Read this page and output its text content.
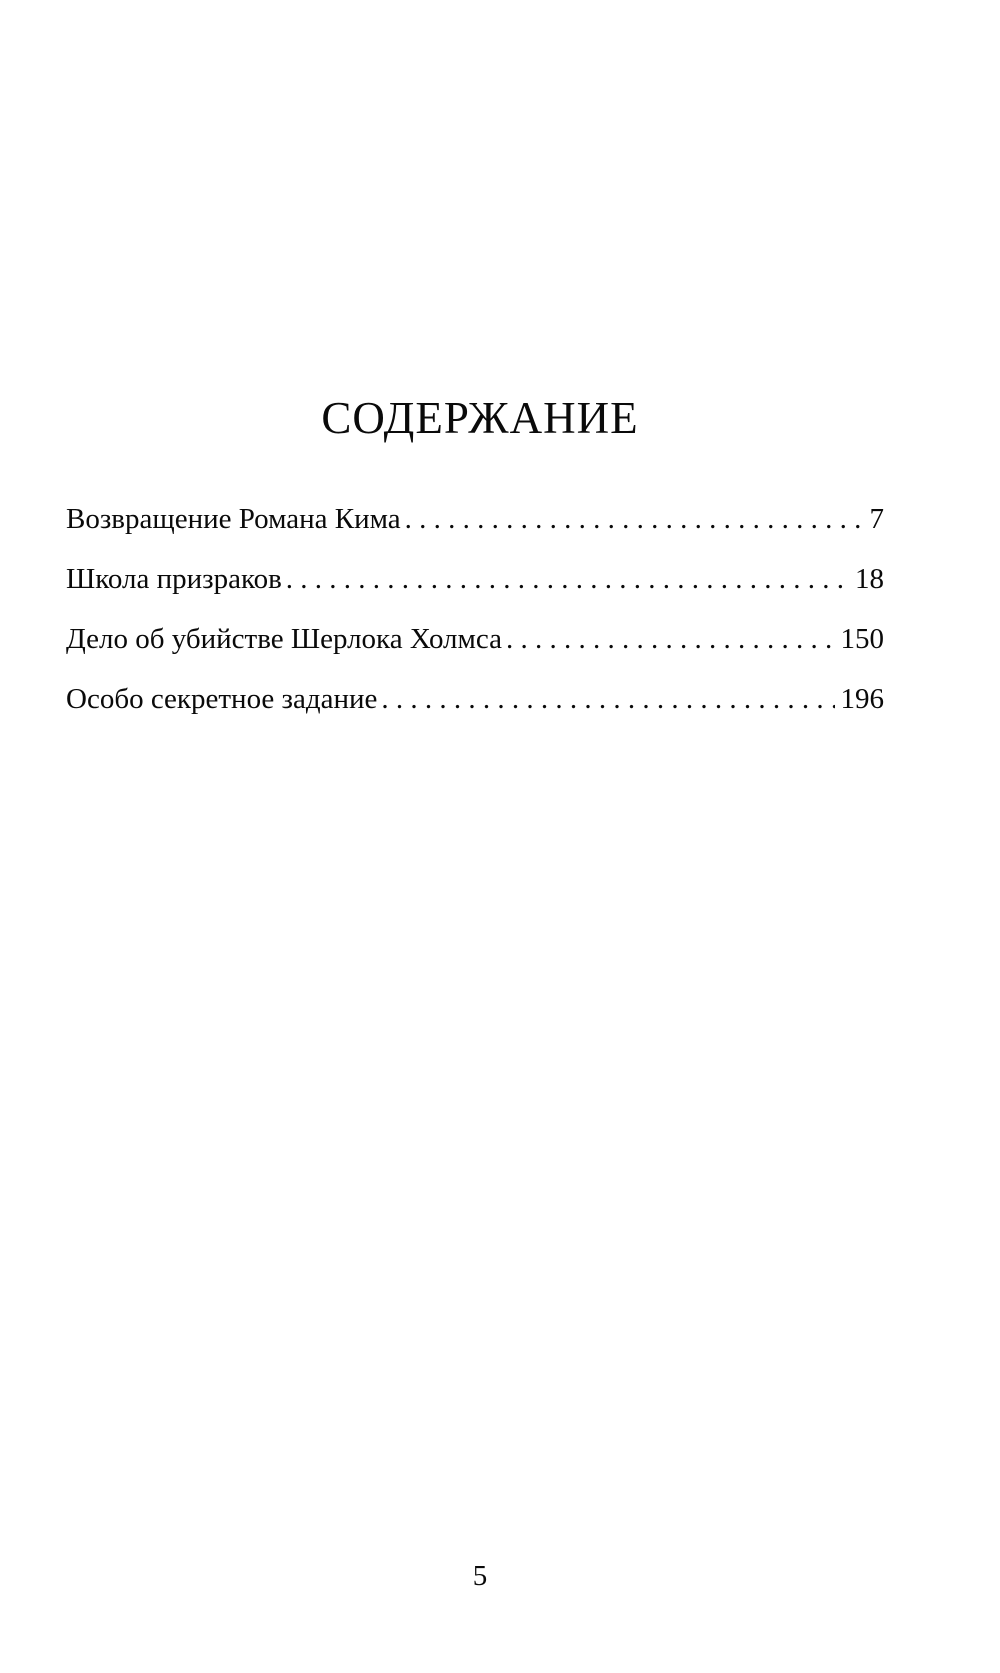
СОДЕРЖАНИЕ
Возвращение Романа Кима . . .	7
Школа призраков . . .	18
Дело об убийстве Шерлока Холмса . . .	150
Особо секретное задание . . .	196
5
